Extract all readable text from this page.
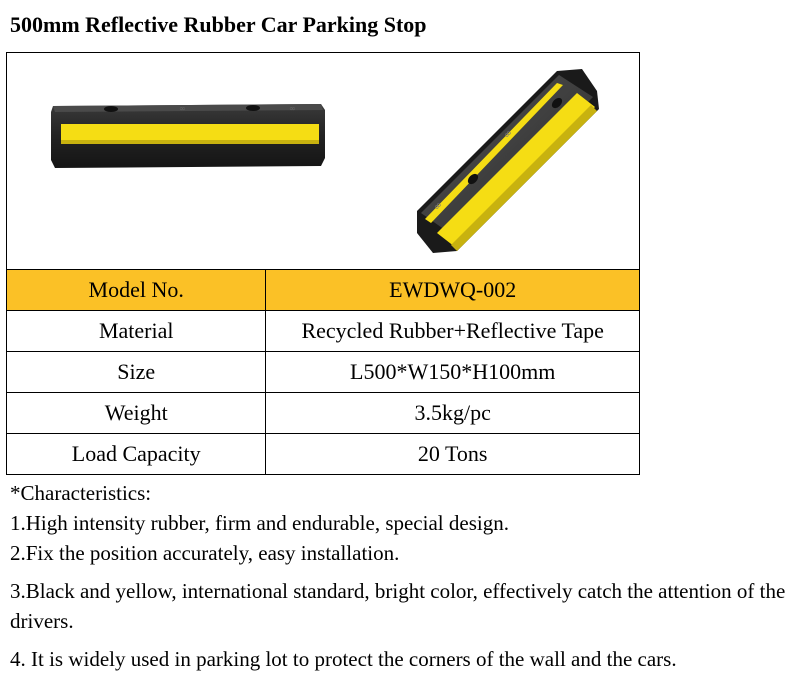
500mm Reflective Rubber Car Parking Stop
∞ ∞
∞
∞	

Model No.	EWDWQ-002
Material	Recycled Rubber+Reflective Tape
Size	L500*W150*H100mm
Weight	3.5kg/pc
Load Capacity	20 Tons

*Characteristics:

1.High intensity rubber, firm and endurable, special design.

2.Fix the position accurately, easy installation.

3.Black and yellow, international standard, bright color, effectively catch the attention of the drivers.

4. It is widely used in parking lot to protect the corners of the wall and the cars.
